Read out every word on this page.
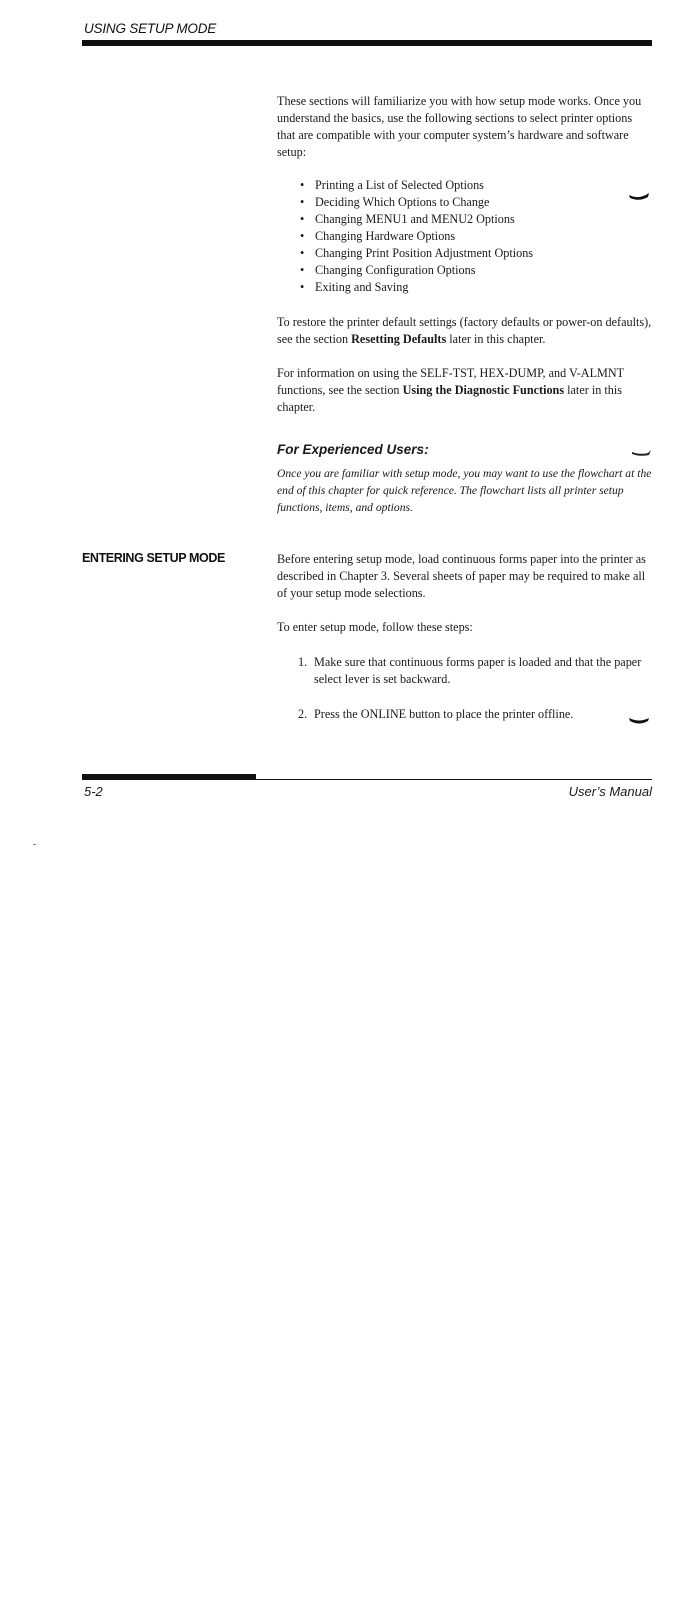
USING SETUP MODE

These sections will familiarize you with how setup mode works. Once you understand the basics, use the following sections to select printer options that are compatible with your computer system’s hardware and software setup:

• Printing a List of Selected Options
• Deciding Which Options to Change
• Changing MENU1 and MENU2 Options
• Changing Hardware Options
• Changing Print Position Adjustment Options
• Changing Configuration Options
• Exiting and Saving

To restore the printer default settings (factory defaults or power-on defaults), see the section Resetting Defaults later in this chapter.

For information on using the SELF-TST, HEX-DUMP, and V-ALMNT functions, see the section Using the Diagnostic Functions later in this chapter.

For Experienced Users:

Once you are familiar with setup mode, you may want to use the flowchart at the end of this chapter for quick reference. The flowchart lists all printer setup functions, items, and options.

ENTERING SETUP MODE	Before entering setup mode, load continuous forms paper into the printer as described in Chapter 3. Several sheets of paper may be required to make all of your setup mode selections.

To enter setup mode, follow these steps:

1. Make sure that continuous forms paper is loaded and that the paper select lever is set backward.
2. Press the ONLINE button to place the printer offline.
5-2	User’s Manual
